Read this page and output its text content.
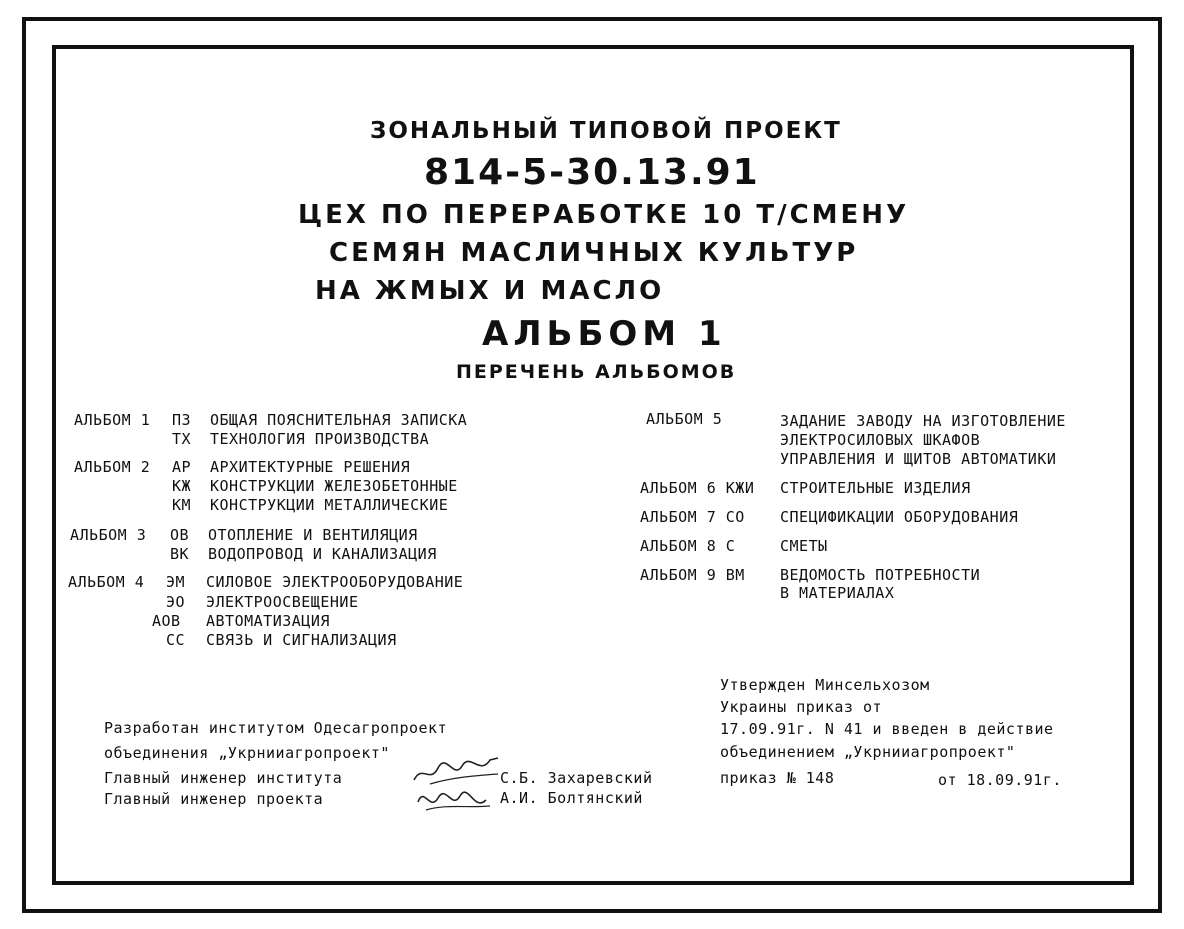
ЗОНАЛЬНЫЙ ТИПОВОЙ ПРОЕКТ

814-5-30.13.91

ЦЕХ ПО ПЕРЕРАБОТКЕ 10 Т/СМЕНУ

СЕМЯН МАСЛИЧНЫХ КУЛЬТУР

НА ЖМЫХ И МАСЛО

АЛЬБОМ 1

ПЕРЕЧЕНЬ АЛЬБОМОВ

АЛЬБОМ 1 ПЗ ОБЩАЯ ПОЯСНИТЕЛЬНАЯ ЗАПИСКА

ТХ ТЕХНОЛОГИЯ ПРОИЗВОДСТВА

АЛЬБОМ 2 АР АРХИТЕКТУРНЫЕ РЕШЕНИЯ

КЖ КОНСТРУКЦИИ ЖЕЛЕЗОБЕТОННЫЕ

КМ КОНСТРУКЦИИ МЕТАЛЛИЧЕСКИЕ

АЛЬБОМ 3 ОВ ОТОПЛЕНИЕ И ВЕНТИЛЯЦИЯ

ВК ВОДОПРОВОД И КАНАЛИЗАЦИЯ

АЛЬБОМ 4 ЭМ СИЛОВОЕ ЭЛЕКТРООБОРУДОВАНИЕ

ЭО ЭЛЕКТРООСВЕЩЕНИЕ

АОВ АВТОМАТИЗАЦИЯ

СС СВЯЗЬ И СИГНАЛИЗАЦИЯ

АЛЬБОМ 5	ЗАДАНИЕ ЗАВОДУ НА ИЗГОТОВЛЕНИЕ

ЭЛЕКТРОСИЛОВЫХ ШКАФОВ

УПРАВЛЕНИЯ И ЩИТОВ АВТОМАТИКИ

АЛЬБОМ 6 КЖИ СТРОИТЕЛЬНЫЕ ИЗДЕЛИЯ

АЛЬБОМ 7 СО СПЕЦИФИКАЦИИ ОБОРУДОВАНИЯ

АЛЬБОМ 8 С	СМЕТЫ

АЛЬБОМ 9 ВМ ВЕДОМОСТЬ ПОТРЕБНОСТИ

В МАТЕРИАЛАХ

Утвержден Минсельхозом

Украины приказ от

17.09.91г. N 41 и введен в действие

объединением „Укрнииагропроект"

приказ № 148	от 18.09.91г.

Разработан институтом Одесагропроект

объединения „Укрнииагропроект"

Главный инженер института	С.Б. Захаревский

Главный инженер проекта	А.И. Болтянский
